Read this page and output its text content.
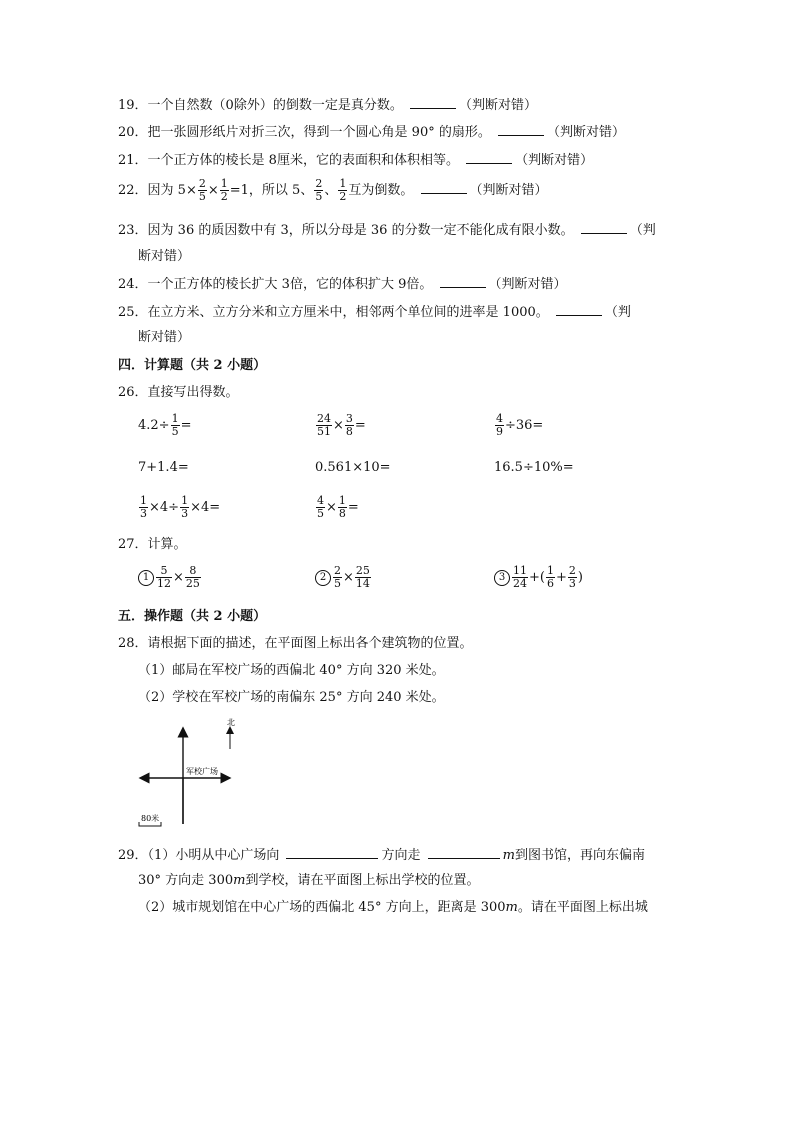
19．一个自然数（0除外）的倒数一定是真分数。	（判断对错）
20．把一张圆形纸片对折三次，得到一个圆心角是 90° 的扇形。	（判断对错）
21．一个正方体的棱长是 8厘米，它的表面积和体积相等。	（判断对错）
22．因为 $5\times \frac{2}{5} \times \frac{1}{2} =1$，所以 5、 $\frac{2}{5}$ 、 $\frac{1}{2}$ 互为倒数。	（判断对错）
23．因为 36 的质因数中有 3，所以分母是 36 的分数一定不能化成有限小数。	（判
断对错）
24．一个正方体的棱长扩大 3倍，它的体积扩大 9倍。	（判断对错）
25．在立方米、立方分米和立方厘米中，相邻两个单位间的进率是 1000。	（判
断对错）
四．计算题（共 2 小题）
26．直接写出得数。
$4.2\div \frac{1}{5}$ =	$\frac{24}{51} \times \frac{3}{8}$ =	$\frac{4}{9} \div 36=$
7+1.4=	0.561×10=	16.5÷10%=
$\frac{1}{3} \times 4\div \frac{1}{3} \times 4=$	$\frac{4}{5} \times \frac{1}{8}$ =
27．计算。
$1 \frac{5}{12} \times \frac{8}{25}$	$2 \frac{2}{5} \times \frac{25}{14}$	$3 \frac{11}{24}$ +( $\frac{1}{6} + \frac{2}{3}$ )
五．操作题（共 2 小题）
28．请根据下面的描述，在平面图上标出各个建筑物的位置。
（1）邮局在军校广场的西偏北 40° 方向 320 米处。
（2）学校在军校广场的南偏东 25° 方向 240 米处。
北
军校广场
80米
29．（1）小明从中心广场向	方向走	m到图书馆，再向东偏南
30° 方向走 300m到学校，请在平面图上标出学校的位置。
（2）城市规划馆在中心广场的西偏北 45° 方向上，距离是 300m。请在平面图上标出城
